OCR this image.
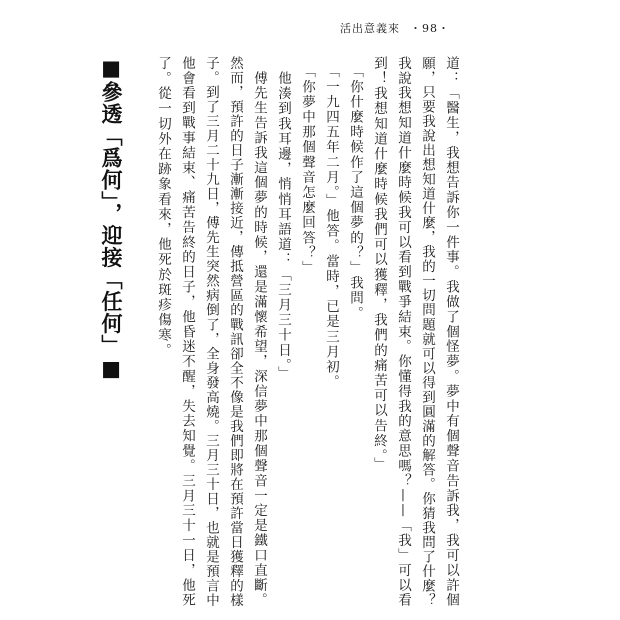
活出意義來 ・98・
道：「醫生，我想告訴你一件事。我做了個怪夢。夢中有個聲音告訴我，我可以許個
願，只要我說出想知道什麼，我的一切問題就可以得到圓滿的解答。你猜我問了什麼？
我說我想知道什麼時候我可以看到戰爭結束。你懂得我的意思嗎？——「我」可以看
到！我想知道什麼時候我們可以獲釋，我們的痛苦可以告終。」
　「你什麼時候作了這個夢的？」我問。
　「一九四五年二月。」他答。當時，已是三月初。
　「你夢中那個聲音怎麼回答？」
　他湊到我耳邊，悄悄耳語道：「三月三十日。」
　傅先生告訴我這個夢的時候，還是滿懷希望，深信夢中那個聲音一定是鐵口直斷。
然而，預許的日子漸漸接近，傳抵營區的戰訊卻全不像是我們即將在預許當日獲釋的樣
子。到了三月二十九日，傅先生突然病倒了，全身發高燒。三月三十日，也就是預言中
他會看到戰事結束、痛苦告終的日子，他昏迷不醒，失去知覺。三月三十一日，他死
了。從一切外在跡象看來，他死於斑疹傷寒。
■參透「爲何」，迎接「任何」■
